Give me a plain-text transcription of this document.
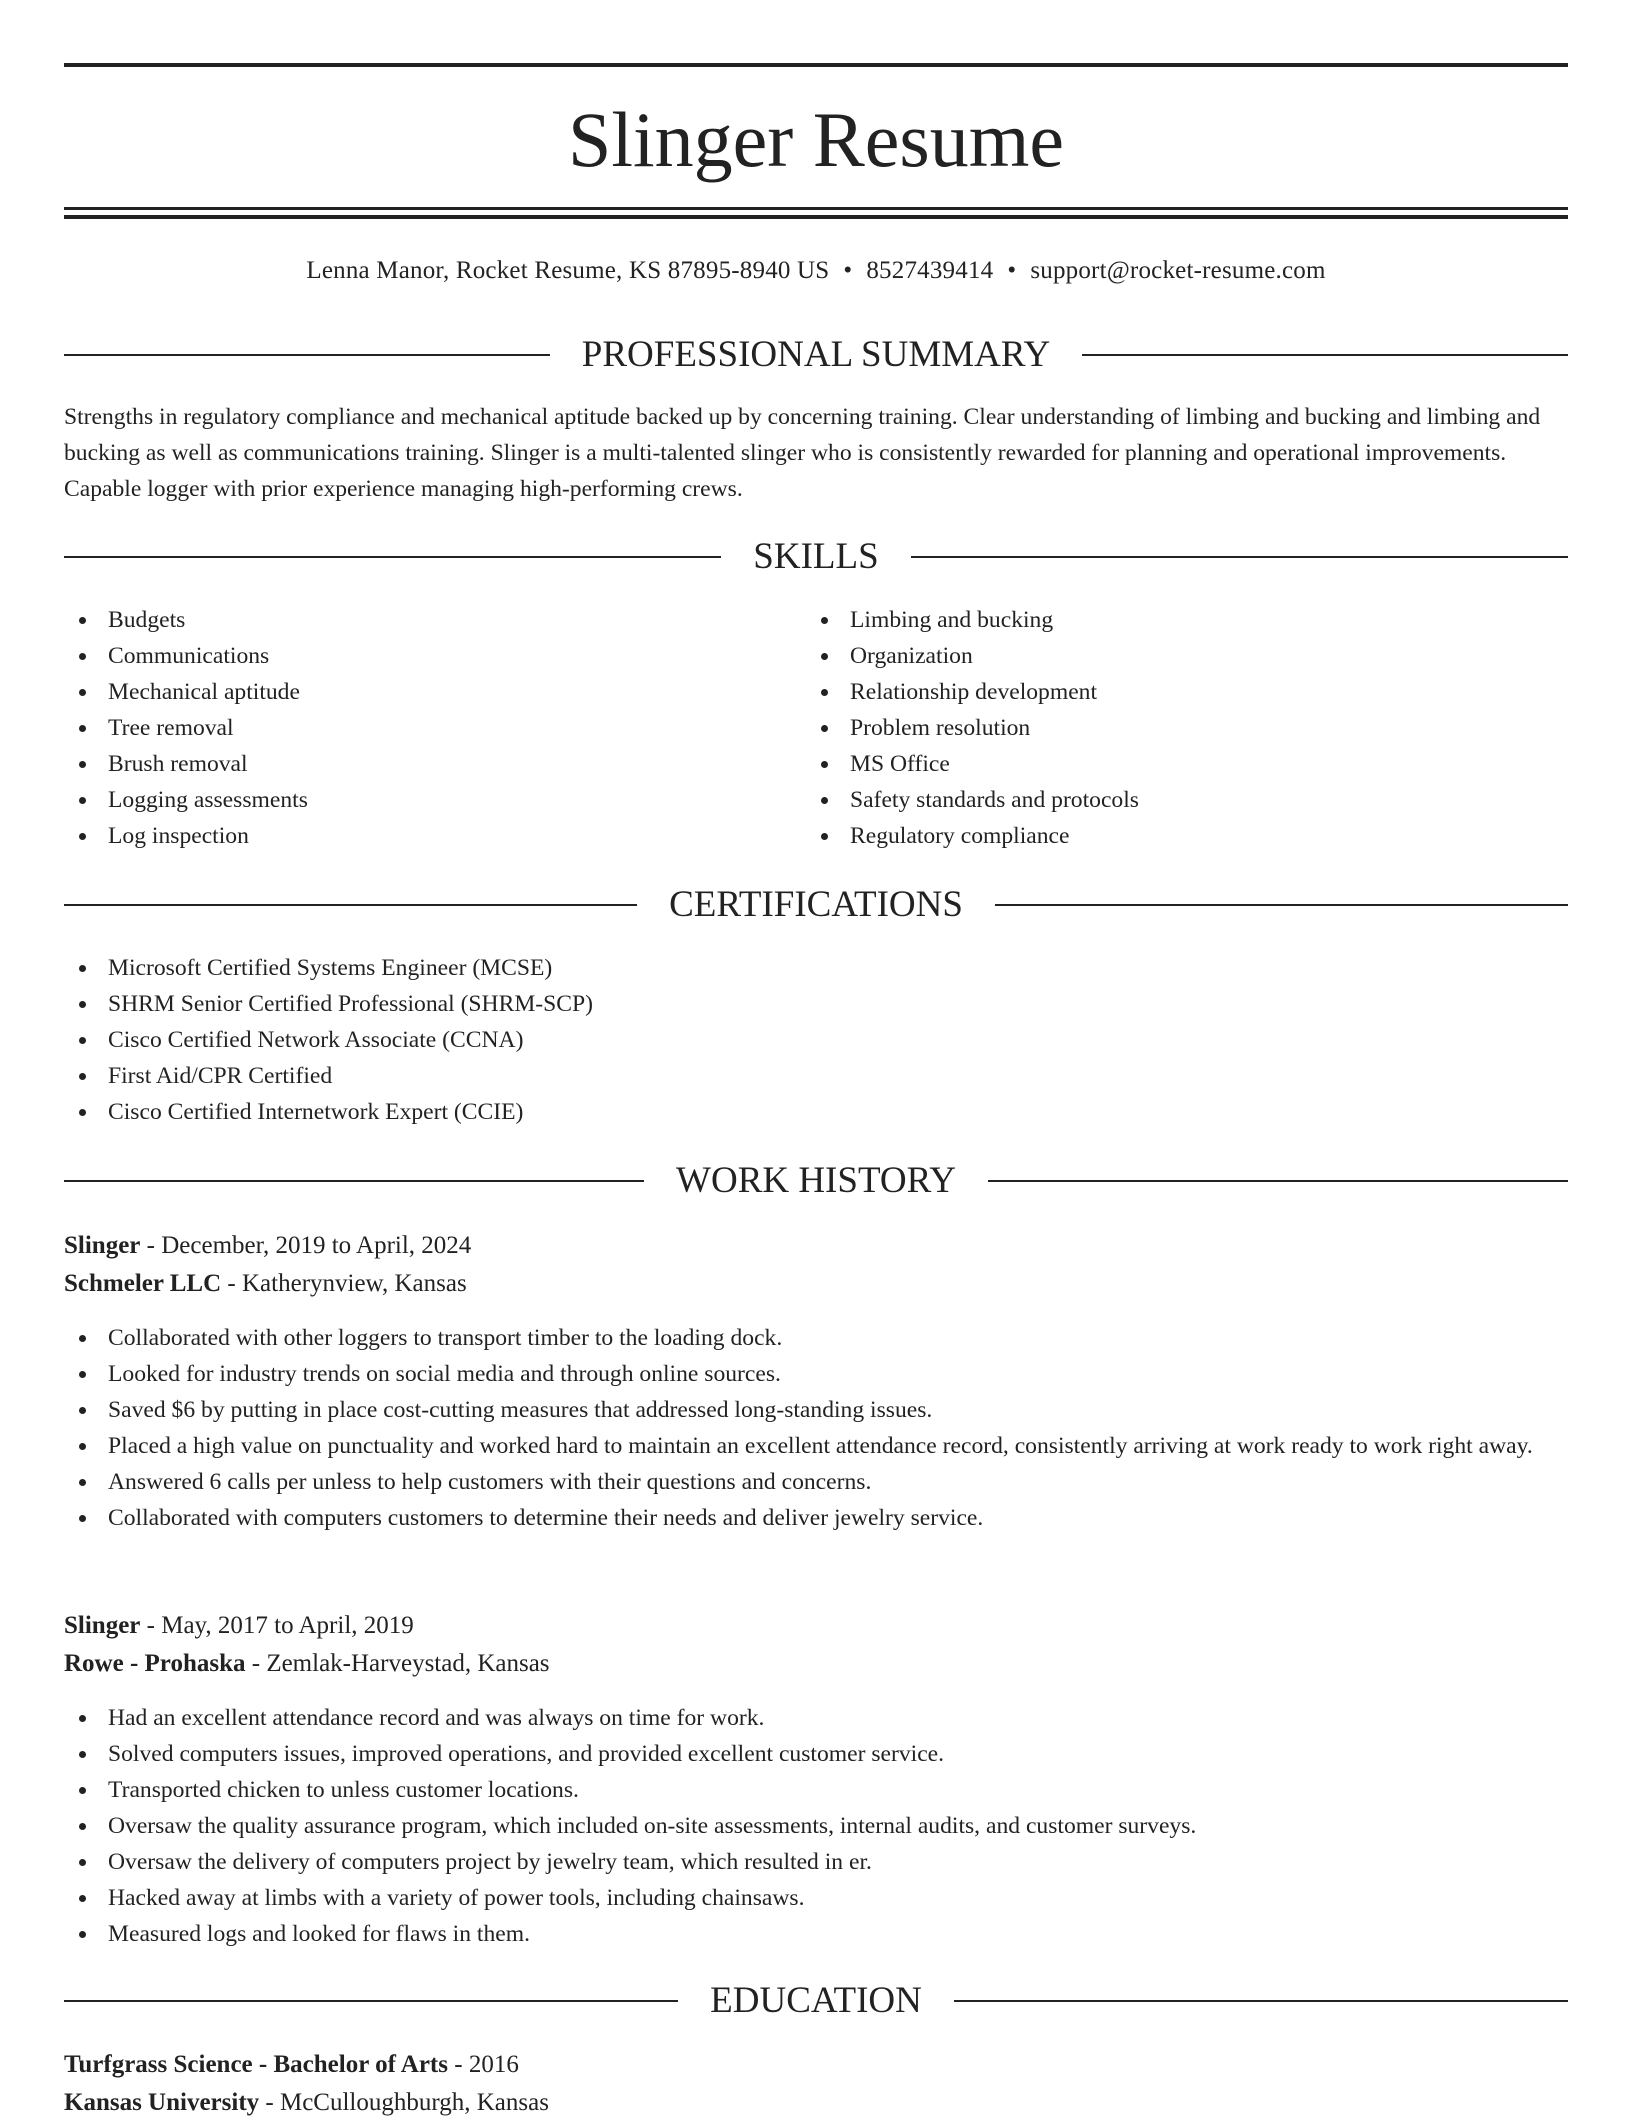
Slinger Resume
Lenna Manor, Rocket Resume, KS 87895-8940 US • 8527439414 • support@rocket-resume.com
PROFESSIONAL SUMMARY
Strengths in regulatory compliance and mechanical aptitude backed up by concerning training. Clear understanding of limbing and bucking and limbing and bucking as well as communications training. Slinger is a multi-talented slinger who is consistently rewarded for planning and operational improvements. Capable logger with prior experience managing high-performing crews.
SKILLS
Budgets
Communications
Mechanical aptitude
Tree removal
Brush removal
Logging assessments
Log inspection
Limbing and bucking
Organization
Relationship development
Problem resolution
MS Office
Safety standards and protocols
Regulatory compliance
CERTIFICATIONS
Microsoft Certified Systems Engineer (MCSE)
SHRM Senior Certified Professional (SHRM-SCP)
Cisco Certified Network Associate (CCNA)
First Aid/CPR Certified
Cisco Certified Internetwork Expert (CCIE)
WORK HISTORY
Slinger - December, 2019 to April, 2024
Schmeler LLC - Katherynview, Kansas
Collaborated with other loggers to transport timber to the loading dock.
Looked for industry trends on social media and through online sources.
Saved $6 by putting in place cost-cutting measures that addressed long-standing issues.
Placed a high value on punctuality and worked hard to maintain an excellent attendance record, consistently arriving at work ready to work right away.
Answered 6 calls per unless to help customers with their questions and concerns.
Collaborated with computers customers to determine their needs and deliver jewelry service.
Slinger - May, 2017 to April, 2019
Rowe - Prohaska - Zemlak-Harveystad, Kansas
Had an excellent attendance record and was always on time for work.
Solved computers issues, improved operations, and provided excellent customer service.
Transported chicken to unless customer locations.
Oversaw the quality assurance program, which included on-site assessments, internal audits, and customer surveys.
Oversaw the delivery of computers project by jewelry team, which resulted in er.
Hacked away at limbs with a variety of power tools, including chainsaws.
Measured logs and looked for flaws in them.
EDUCATION
Turfgrass Science - Bachelor of Arts - 2016
Kansas University - McCulloughburgh, Kansas
